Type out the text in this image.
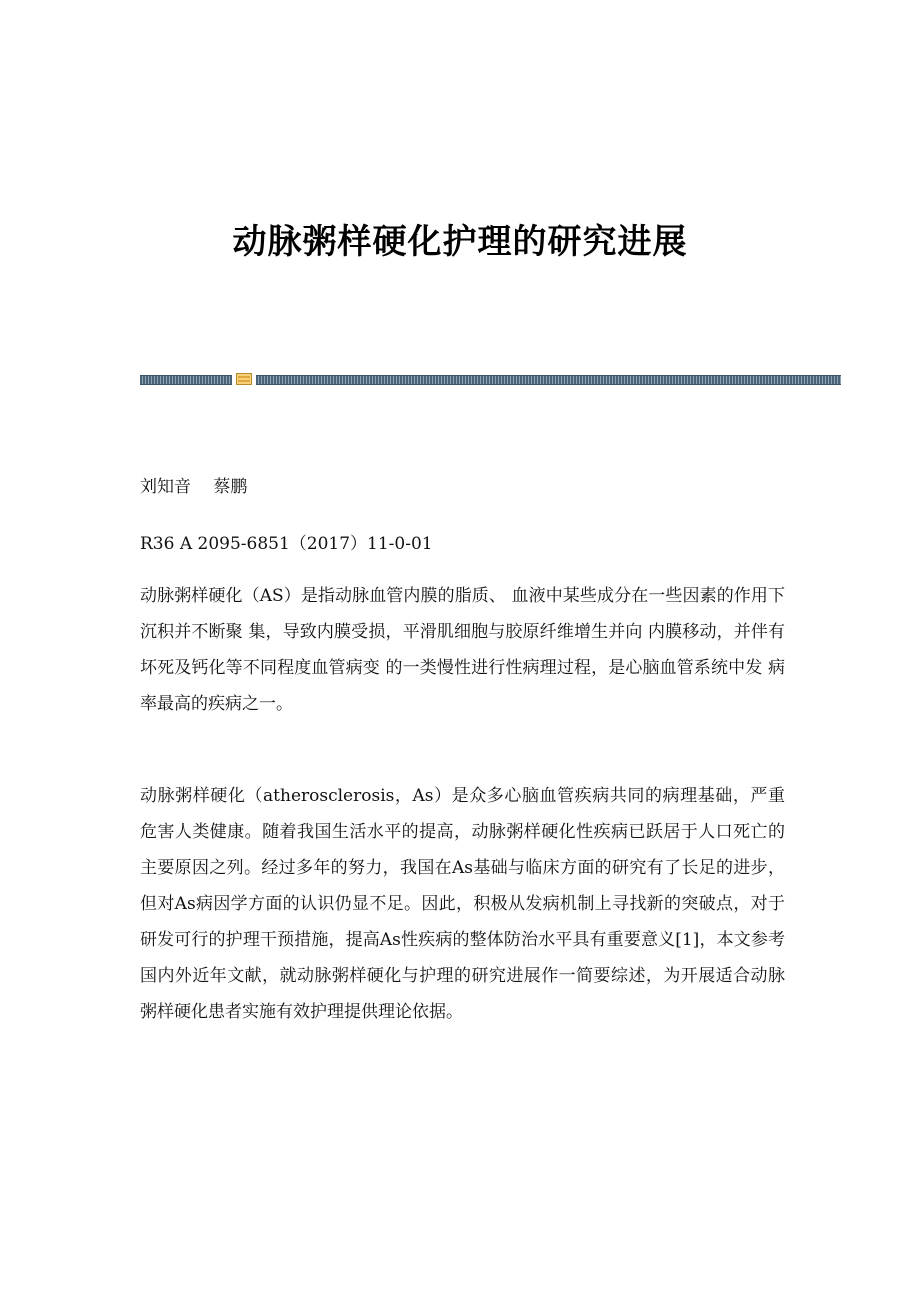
动脉粥样硬化护理的研究进展
刘知音　 蔡鹏
R36 A 2095-6851（2017）11-0-01
动脉粥样硬化（AS）是指动脉血管内膜的脂质、 血液中某些成分在一些因素的作用下沉积并不断聚 集，导致内膜受损，平滑肌细胞与胶原纤维增生并向 内膜移动，并伴有坏死及钙化等不同程度血管病变 的一类慢性进行性病理过程，是心脑血管系统中发 病率最高的疾病之一。
动脉粥样硬化（atherosclerosis，As）是众多心脑血管疾病共同的病理基础，严重危害人类健康。随着我国生活水平的提高，动脉粥样硬化性疾病已跃居于人口死亡的主要原因之列。经过多年的努力，我国在As基础与临床方面的研究有了长足的进步，但对As病因学方面的认识仍显不足。因此，积极从发病机制上寻找新的突破点，对于研发可行的护理干预措施，提高As性疾病的整体防治水平具有重要意义[1]，本文参考国内外近年文献，就动脉粥样硬化与护理的研究进展作一简要综述，为开展适合动脉粥样硬化患者实施有效护理提供理论依据。
